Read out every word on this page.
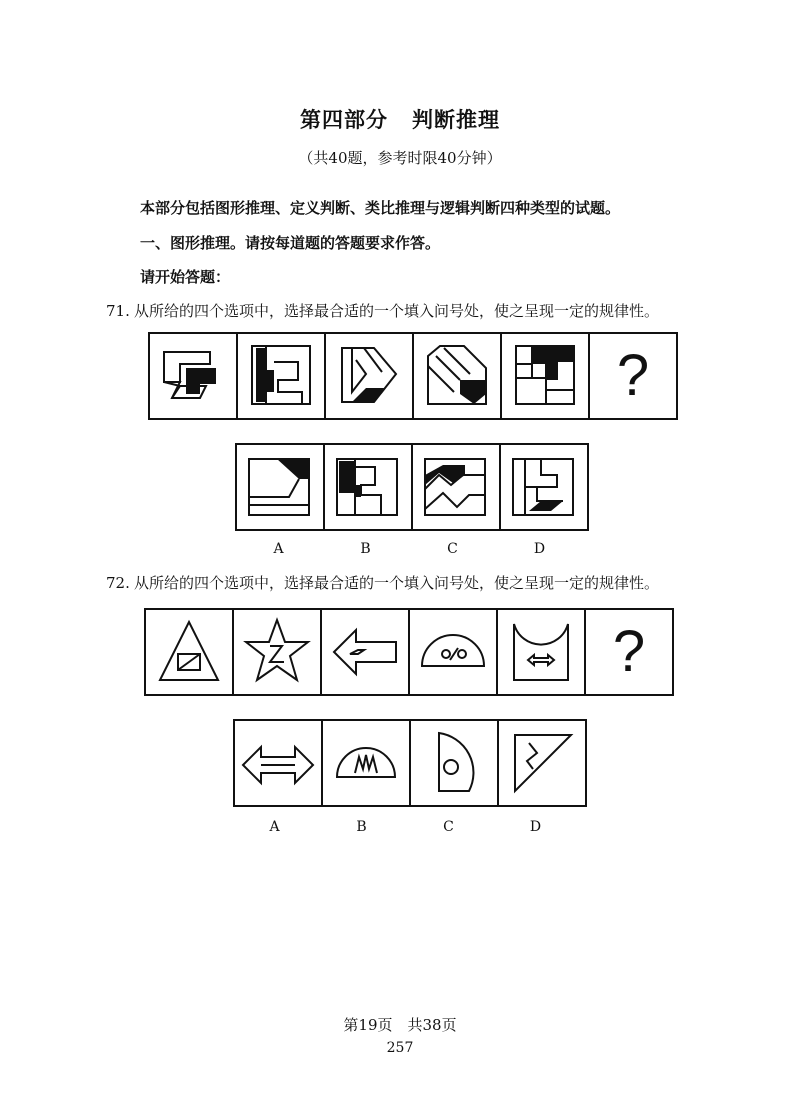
第四部分 判断推理
（共40题，参考时限40分钟）
本部分包括图形推理、定义判断、类比推理与逻辑判断四种类型的试题。
一、图形推理。请按每道题的答题要求作答。
请开始答题：
71. 从所给的四个选项中，选择最合适的一个填入问号处，使之呈现一定的规律性。
?
A	B	C	D
72. 从所给的四个选项中，选择最合适的一个填入问号处，使之呈现一定的规律性。
?
A	B	C	D
第19页　共38页
257
